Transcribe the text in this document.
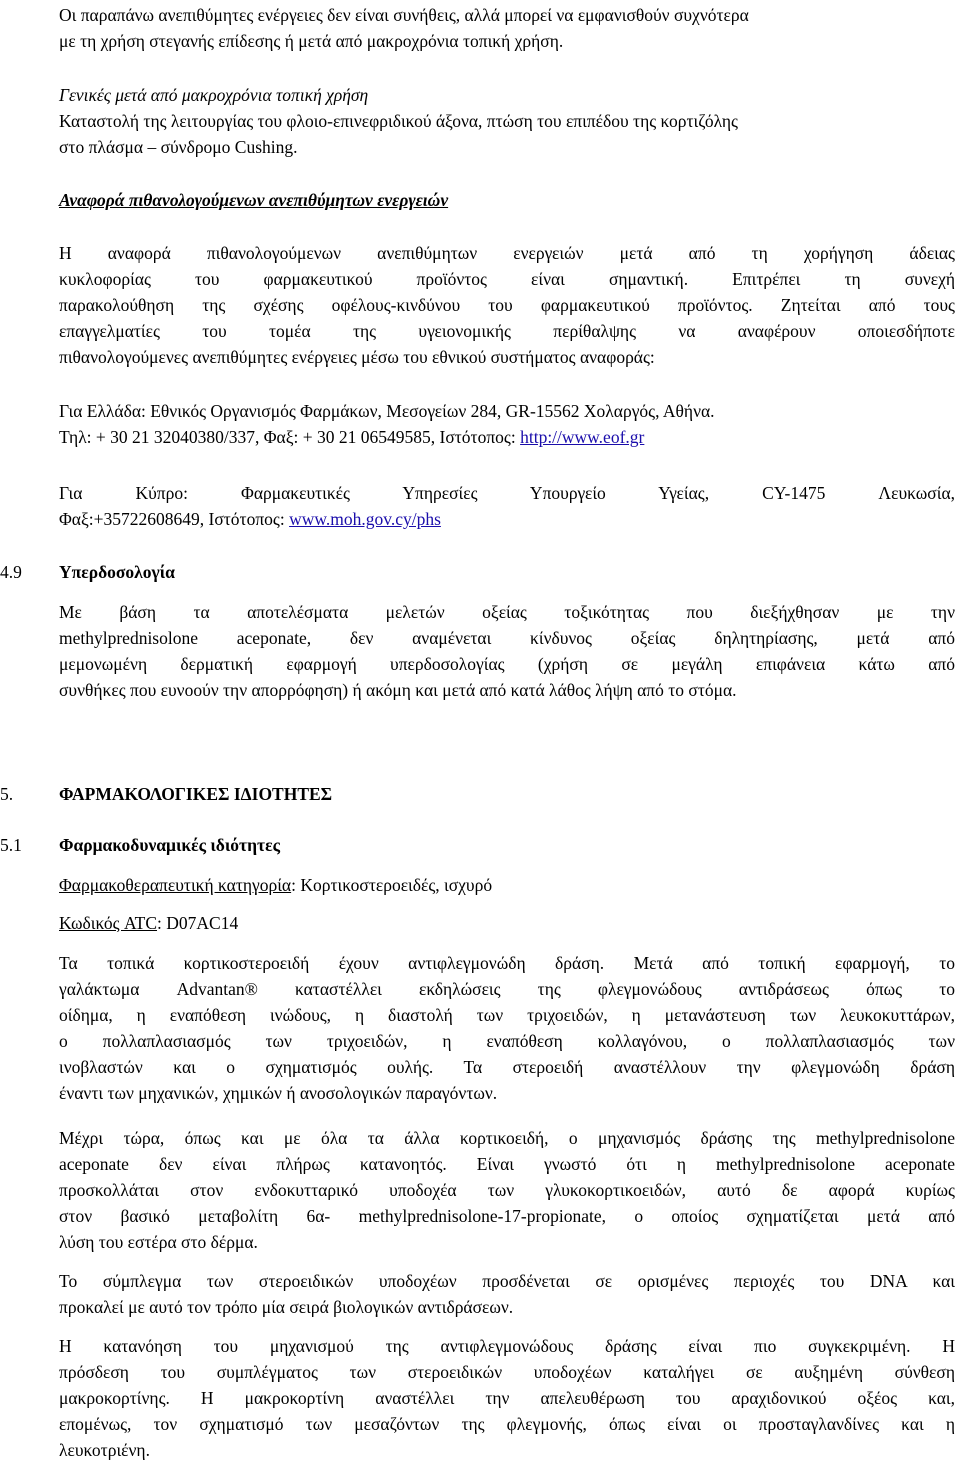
Οι παραπάνω ανεπιθύμητες ενέργειες δεν είναι συνήθεις, αλλά μπορεί να εμφανισθούν συχνότερα
με τη χρήση στεγανής επίδεσης ή μετά από μακροχρόνια τοπική χρήση.
Γενικές μετά από μακροχρόνια τοπική χρήση
Καταστολή της λειτουργίας του φλοιο-επινεφριδικού άξονα, πτώση του επιπέδου της κορτιζόλης
στο πλάσμα – σύνδρομο Cushing.
Αναφορά πιθανολογούμενων ανεπιθύμητων ενεργειών
Η αναφορά πιθανολογούμενων ανεπιθύμητων ενεργειών μετά από τη χορήγηση άδειας
κυκλοφορίας του φαρμακευτικού προϊόντος είναι σημαντική. Επιτρέπει τη συνεχή
παρακολούθηση της σχέσης οφέλους-κινδύνου του φαρμακευτικού προϊόντος. Ζητείται από τους
επαγγελματίες του τομέα της υγειονομικής περίθαλψης να αναφέρουν οποιεσδήποτε
πιθανολογούμενες ανεπιθύμητες ενέργειες μέσω του εθνικού συστήματος αναφοράς:
Για Ελλάδα: Εθνικός Οργανισμός Φαρμάκων, Μεσογείων 284, GR-15562 Χολαργός, Αθήνα.
Τηλ: + 30 21 32040380/337, Φαξ: + 30 21 06549585, Ιστότοπος: http://www.eof.gr
Για Κύπρο: Φαρμακευτικές Υπηρεσίες Υπουργείο Υγείας, CY-1475 Λευκωσία,
Φαξ:+35722608649, Ιστότοπος: www.moh.gov.cy/phs
4.9	Υπερδοσολογία
Με βάση τα αποτελέσματα μελετών οξείας τοξικότητας που διεξήχθησαν με την
methylprednisolone aceponate, δεν αναμένεται κίνδυνος οξείας δηλητηρίασης, μετά από
μεμονωμένη δερματική εφαρμογή υπερδοσολογίας (χρήση σε μεγάλη επιφάνεια κάτω από
συνθήκες που ευνοούν την απορρόφηση) ή ακόμη και μετά από κατά λάθος λήψη από το στόμα.
5.	ΦΑΡΜΑΚΟΛΟΓΙΚΕΣ ΙΔΙΟΤΗΤΕΣ
5.1	Φαρμακοδυναμικές ιδιότητες
Φαρμακοθεραπευτική κατηγορία: Κορτικοστεροειδές, ισχυρό
Κωδικός ATC: D07AC14
Τα τοπικά κορτικοστεροειδή έχουν αντιφλεγμονώδη δράση. Μετά από τοπική εφαρμογή, το
γαλάκτωμα Advantan® καταστέλλει εκδηλώσεις της φλεγμονώδους αντιδράσεως όπως το
οίδημα, η εναπόθεση ινώδους, η διαστολή των τριχοειδών, η μετανάστευση των λευκοκυττάρων,
ο πολλαπλασιασμός των τριχοειδών, η εναπόθεση κολλαγόνου, ο πολλαπλασιασμός των
ινοβλαστών και ο σχηματισμός ουλής. Τα στεροειδή αναστέλλουν την φλεγμονώδη δράση
έναντι των μηχανικών, χημικών ή ανοσολογικών παραγόντων.
Μέχρι τώρα, όπως και με όλα τα άλλα κορτικοειδή, ο μηχανισμός δράσης της methylprednisolone
aceponate δεν είναι πλήρως κατανοητός. Είναι γνωστό ότι η methylprednisolone aceponate
προσκολλάται στον ενδοκυτταρικό υποδοχέα των γλυκοκορτικοειδών, αυτό δε αφορά κυρίως
στον βασικό μεταβολίτη 6α- methylprednisolone-17-propionate, ο οποίος σχηματίζεται μετά από
λύση του εστέρα στο δέρμα.
Το σύμπλεγμα των στεροειδικών υποδοχέων προσδένεται σε ορισμένες περιοχές του DNA και
προκαλεί με αυτό τον τρόπο μία σειρά βιολογικών αντιδράσεων.
Η κατανόηση του μηχανισμού της αντιφλεγμονώδους δράσης είναι πιο συγκεκριμένη. Η
πρόσδεση του συμπλέγματος των στεροειδικών υποδοχέων καταλήγει σε αυξημένη σύνθεση
μακροκορτίνης. Η μακροκορτίνη αναστέλλει την απελευθέρωση του αραχιδονικού οξέος και,
επομένως, τον σχηματισμό των μεσαζόντων της φλεγμονής, όπως είναι οι προσταγλανδίνες και η
λευκοτριένη.
